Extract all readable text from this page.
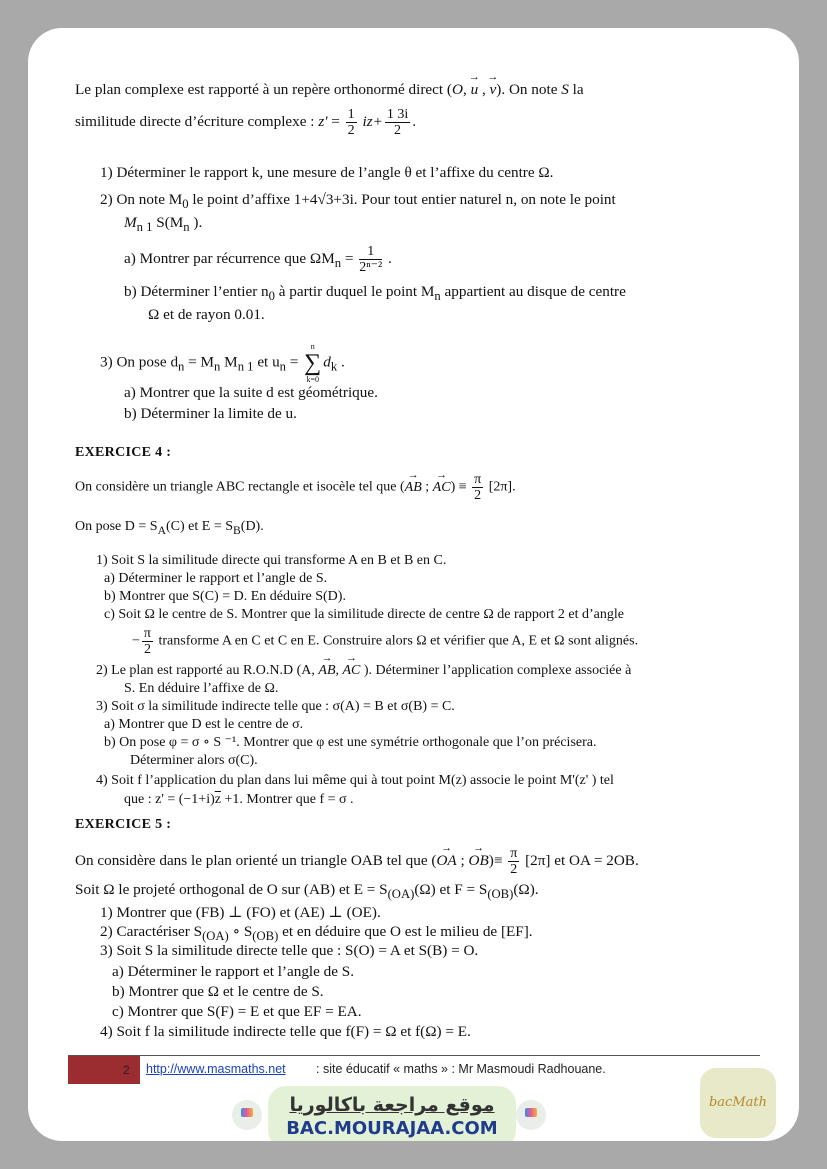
Le plan complexe est rapporté à un repère orthonormé direct (O, → u , → v). On note S la
similitude directe d’écriture complexe : $z' = \frac{1}{2} iz+ \frac{1 3i}{2}$ .
1) Déterminer le rapport k, une mesure de l’angle θ et l’affixe du centre Ω.
2) On note $M_0$ le point d’affixe 1+4√3+3i. Pour tout entier naturel n, on note le point
$M_{n 1}$ $S(M_n$ ).
a) Montrer par récurrence que $\Omega M_n = \frac{1}{\text{2ⁿ⁻²}}$ .
b) Déterminer l’entier $n_0$ à partir duquel le point $M_n$ appartient au disque de centre
Ω et de rayon 0.01.
3) On pose $d_n = M_n$ $M_{n 1}$ et $u_n$ =
n
∑
k=0
$d_k$ .
a) Montrer que la suite d est géométrique.
b) Déterminer la limite de u.
EXERCICE 4 :
On considère un triangle ABC rectangle et isocèle tel que (→ AB ; → $AC) \equiv \frac{\pi}{2} [2\pi]$.
On pose $D = S_A(C)$ et $E = S_B(D)$.
1) Soit S la similitude directe qui transforme A en B et B en C.
a) Déterminer le rapport et l’angle de S.
b) Montrer que S(C) = D. En déduire S(D).
c) Soit Ω le centre de S. Montrer que la similitude directe de centre Ω de rapport 2 et d’angle
− $\frac{\pi}{2}$ transforme A en C et C en E. Construire alors Ω et vérifier que A, E et Ω sont alignés.
2) Le plan est rapporté au R.O.N.D (A, → AB, → AC ). Déterminer l’application complexe associée à
S. En déduire l’affixe de Ω.
3) Soit σ la similitude indirecte telle que : σ(A) = B et σ(B) = C.
a) Montrer que D est le centre de σ.
b) On pose φ = σ ∘ S ⁻¹. Montrer que φ est une symétrie orthogonale que l’on précisera.
Déterminer alors σ(C).
4) Soit f l’application du plan dans lui même qui à tout point M(z) associe le point M'(z' ) tel
que : $z' = (-1+i)\overline{z} +1$. Montrer que f = σ .
EXERCICE 5 :
On considère dans le plan orienté un triangle OAB tel que (→ OA ; → $OB)\equiv \frac{\pi}{2} [2\pi]$ et OA = 2OB.
Soit Ω le projeté orthogonal de O sur (AB) et $E = S_{(OA)}(\Omega)$ et $F = S_{(OB)}(\Omega)$.
1) Montrer que (FB) ⊥ (FO) et (AE) ⊥ (OE).
2) Caractériser $S_{(OA)}$ ∘ $S_{(OB)}$ et en déduire que O est le milieu de [EF].
3) Soit S la similitude directe telle que : S(O) = A et S(B) = O.
a) Déterminer le rapport et l’angle de S.
b) Montrer que Ω et le centre de S.
c) Montrer que S(F) = E et que EF = EA.
4) Soit f la similitude indirecte telle que f(F) = Ω et f(Ω) = E.
2 http://www.masmaths.net : site éducatif « maths » : Mr Masmoudi Radhouane.
موقع مراجعة باكالوريا
BAC.MOURAJAA.COM
bacMath
